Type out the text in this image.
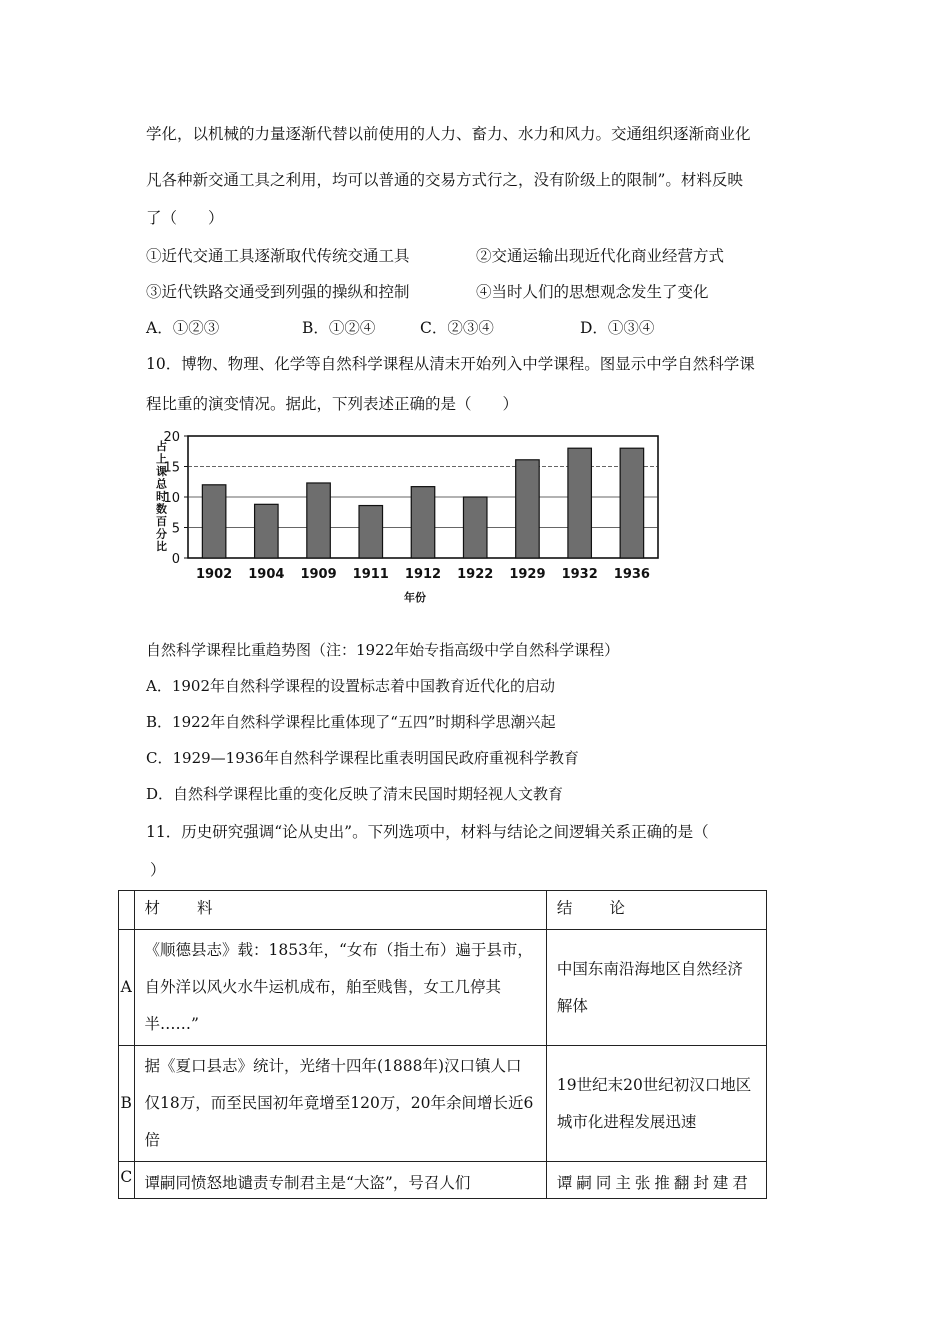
学化，以机械的力量逐渐代替以前使用的人力、畜力、水力和风力。交通组织逐渐商业化
凡各种新交通工具之利用，均可以普通的交易方式行之，没有阶级上的限制”。材料反映
了（　　）
①近代交通工具逐渐取代传统交通工具	②交通运输出现近代化商业经营方式
③近代铁路交通受到列强的操纵和控制	④当时人们的思想观念发生了变化
A．①②③	B．①②④	C．②③④	D．①③④
10．博物、物理、化学等自然科学课程从清末开始列入中学课程。图显示中学自然科学课
程比重的演变情况。据此，下列表述正确的是（　　）
0
5
10
15
20
1902 1904 1909 1911 1912 1922 1929 1932 1936
年份
占上课总时数百分比
自然科学课程比重趋势图（注：1922年始专指高级中学自然科学课程）
A．1902年自然科学课程的设置标志着中国教育近代化的启动
B．1922年自然科学课程比重体现了“五四”时期科学思潮兴起
C．1929—1936年自然科学课程比重表明国民政府重视科学教育
D．自然科学课程比重的变化反映了清末民国时期轻视人文教育
11．历史研究强调“论从史出”。下列选项中，材料与结论之间逻辑关系正确的是（
）
	材　　料	结　　论
A	《顺德县志》载：1853年，“女布（指土布）遍于县市，自外洋以风火水牛运机成布，舶至贱售，女工几停其半……”	中国东南沿海地区自然经济解体
B	据《夏口县志》统计，光绪十四年(1888年)汉口镇人口仅18万，而至民国初年竟增至120万，20年余间增长近6倍	19世纪末20世纪初汉口地区城市化进程发展迅速
C	谭嗣同愤怒地谴责专制君主是“大盗”，号召人们	谭嗣同主张推翻封建君
